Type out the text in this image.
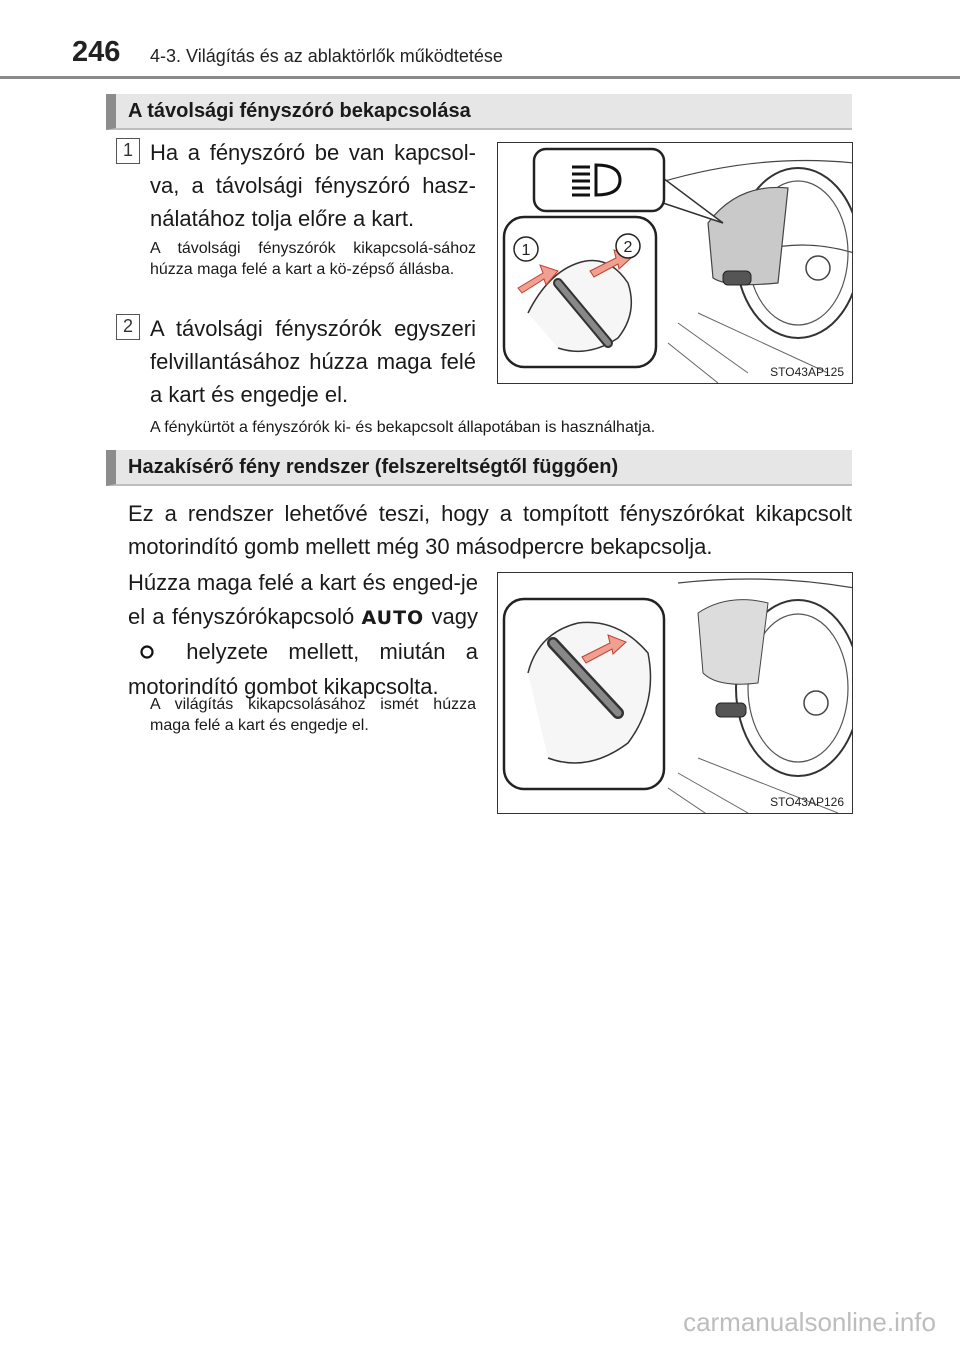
246 4-3. Világítás és az ablaktörlők működtetése
A távolsági fényszóró bekapcsolása
1 Ha a fényszóró be van kapcsol-va, a távolsági fényszóró hasz-nálatához tolja előre a kart.
A távolsági fényszórók kikapcsolá-sához húzza maga felé a kart a kö-zépső állásba.
2 A távolsági fényszórók egyszeri felvillantásához húzza maga felé a kart és engedje el.
A fénykürtöt a fényszórók ki- és bekapcsolt állapotában is használhatja.
1	2
STO43AP125
Hazakísérő fény rendszer (felszereltségtől függően)
Ez a rendszer lehetővé teszi, hogy a tompított fényszórókat kikapcsolt motorindító gomb mellett még 30 másodpercre bekapcsolja.
Húzza maga felé a kart és enged-je el a fényszórókapcsoló AUTO vagy  helyzete mellett, miután a motorindító gombot kikapcsolta.
A világítás kikapcsolásához ismét húzza maga felé a kart és engedje el.
STO43AP126
carmanualsonline.info
